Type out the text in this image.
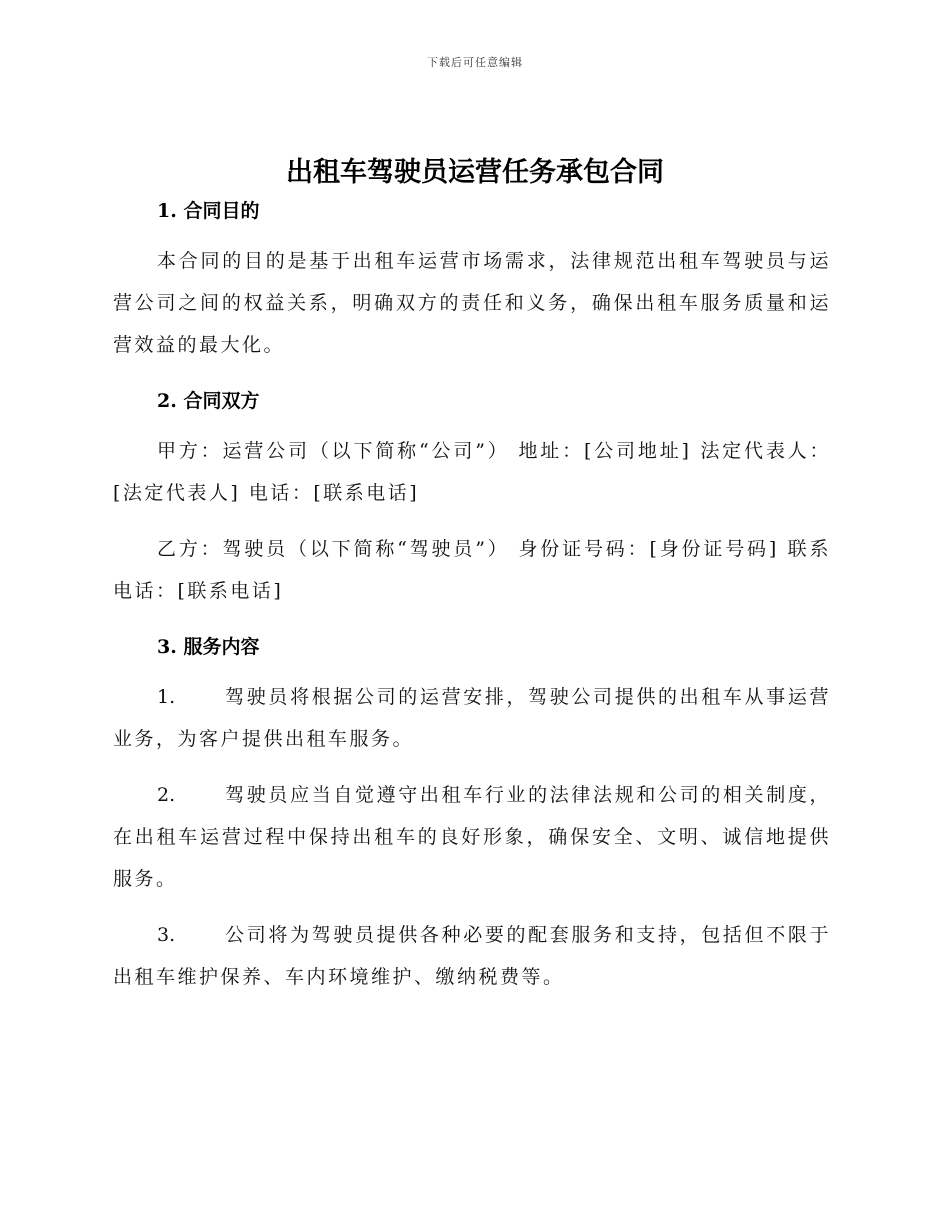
下载后可任意编辑
出租车驾驶员运营任务承包合同

1. 合同目的

本合同的目的是基于出租车运营市场需求，法律规范出租车驾驶员与运营公司之间的权益关系，明确双方的责任和义务，确保出租车服务质量和运营效益的最大化。

2. 合同双方

甲方：运营公司（以下简称“公司”） 地址：[公司地址] 法定代表人：[法定代表人] 电话：[联系电话]

乙方：驾驶员（以下简称“驾驶员”） 身份证号码：[身份证号码] 联系电话：[联系电话]

3. 服务内容

1.	驾驶员将根据公司的运营安排，驾驶公司提供的出租车从事运营业务，为客户提供出租车服务。

2.	驾驶员应当自觉遵守出租车行业的法律法规和公司的相关制度，在出租车运营过程中保持出租车的良好形象，确保安全、文明、诚信地提供服务。

3.	公司将为驾驶员提供各种必要的配套服务和支持，包括但不限于出租车维护保养、车内环境维护、缴纳税费等。
